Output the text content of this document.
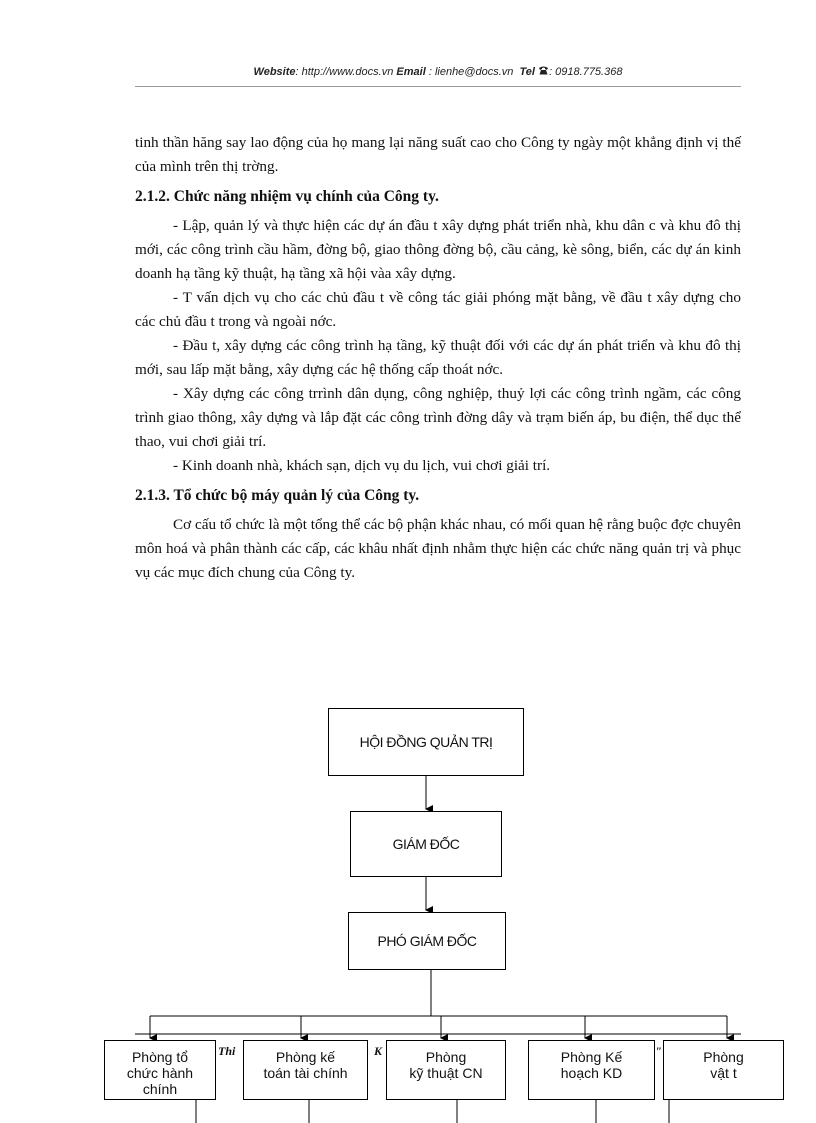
Website: http://www.docs.vn Email : lienhe@docs.vn Tel : 0918.775.368

tinh thần hăng say lao động của họ mang lại năng suất cao cho Công ty ngày một khẳng định vị thế của mình trên thị trờng.

2.1.2. Chức năng nhiệm vụ chính của Công ty.

- Lập, quản lý và thực hiện các dự án đầu t xây dựng phát triển nhà, khu dân c và khu đô thị mới, các công trình cầu hầm, đờng bộ, giao thông đờng bộ, cầu cảng, kè sông, biển, các dự án kinh doanh hạ tầng kỹ thuật, hạ tầng xã hội vàa xây dựng.

- T vấn dịch vụ cho các chủ đầu t về công tác giải phóng mặt bằng, về đầu t xây dựng cho các chủ đầu t trong và ngoài nớc.

- Đầu t, xây dựng các công trình hạ tầng, kỹ thuật đối với các dự án phát triển và khu đô thị mới, sau lấp mặt bằng, xây dựng các hệ thống cấp thoát nớc.

- Xây dựng các công trrình dân dụng, công nghiệp, thuỷ lợi các công trình ngầm, các công trình giao thông, xây dựng và lắp đặt các công trình đờng dây và trạm biến áp, bu điện, thể dục thể thao, vui chơi giải trí.

- Kinh doanh nhà, khách sạn, dịch vụ du lịch, vui chơi giải trí.

2.1.3. Tổ chức bộ máy quản lý của Công ty.

Cơ cấu tổ chức là một tổng thể các bộ phận khác nhau, có mối quan hệ rằng buộc đợc chuyên môn hoá và phân thành các cấp, các khâu nhất định nhằm thực hiện các chức năng quản trị và phục vụ các mục đích chung của Công ty.

HỘI ĐỒNG QUẢN TRỊ
GIÁM ĐỐC
PHÓ GIÁM ĐỐC
Thi	K	"
Phòng tổ
chức hành
chính
Phòng kế
toán tài chính
Phòng
kỹ thuật CN
Phòng Kế
hoạch KD
Phòng
vật t
